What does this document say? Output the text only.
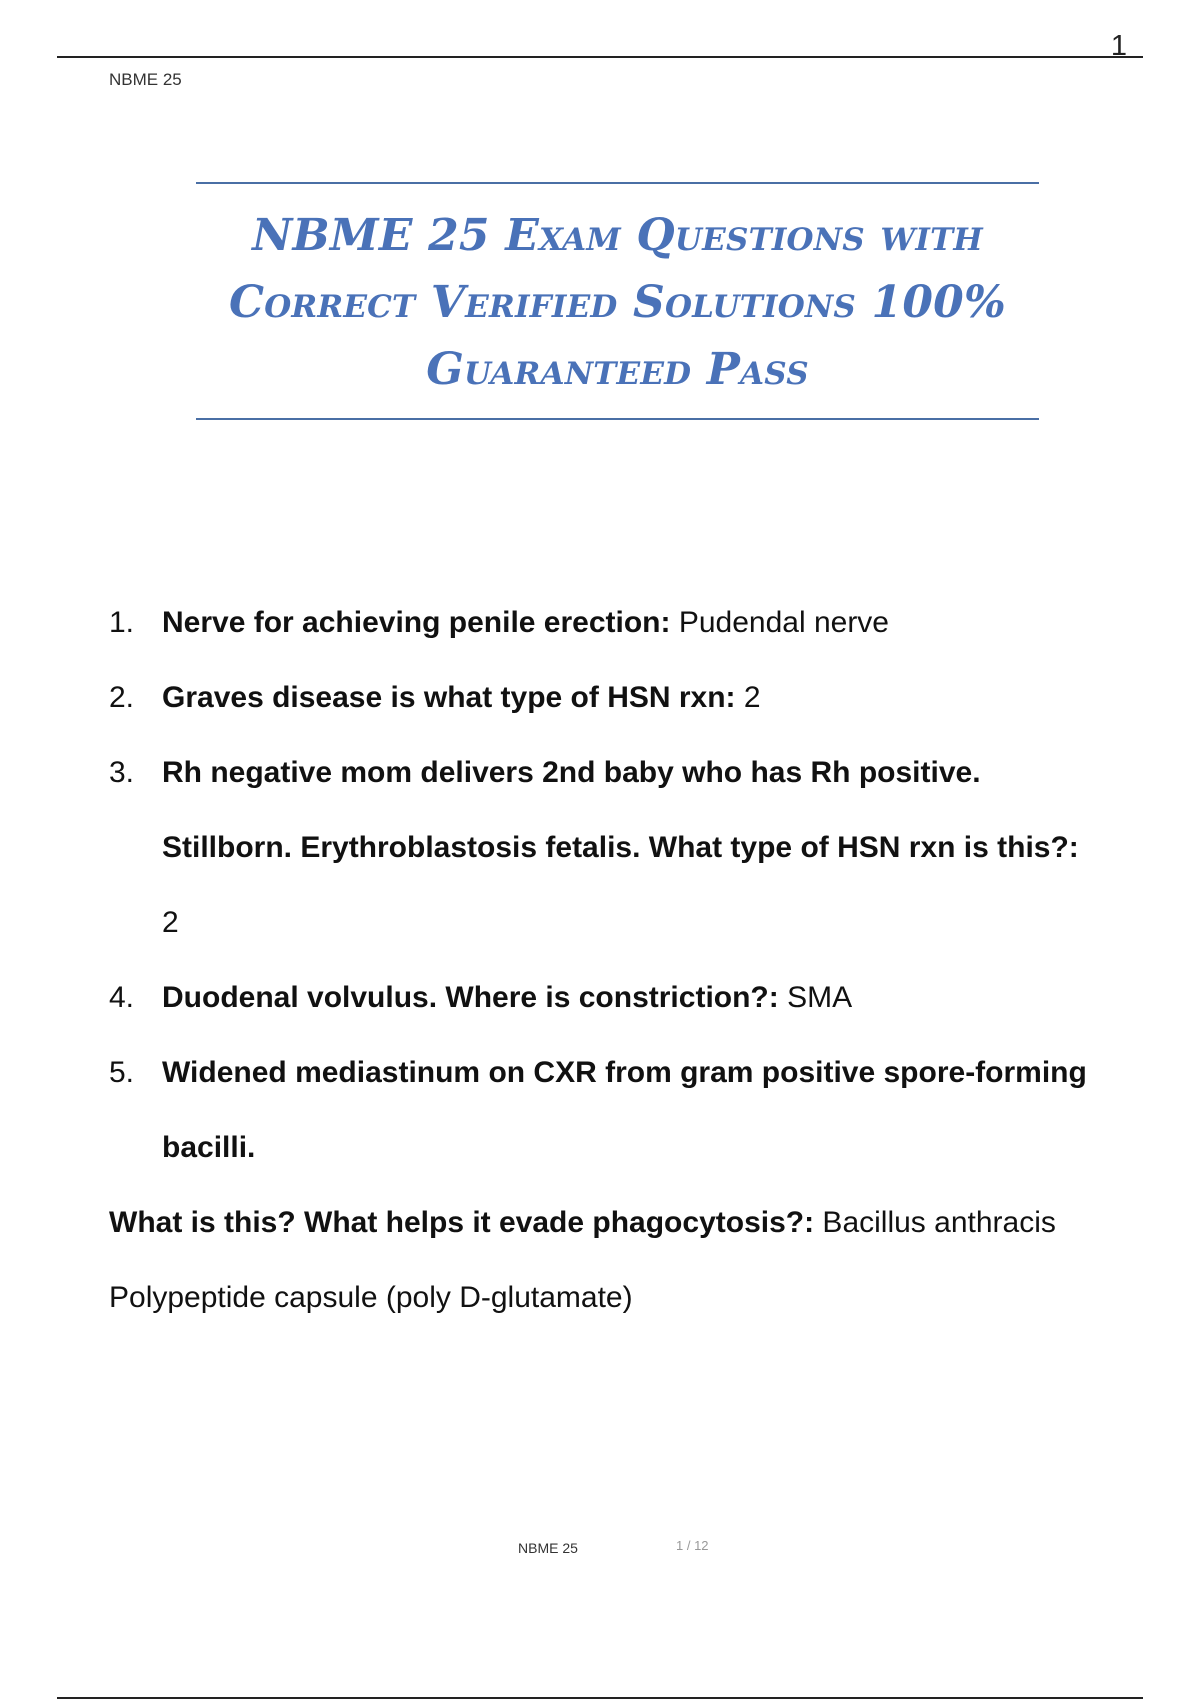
1
NBME 25
NBME 25 Exam Questions with
Correct Verified Solutions 100%
Guaranteed Pass
1. Nerve for achieving penile erection: Pudendal nerve
2. Graves disease is what type of HSN rxn: 2
3. Rh negative mom delivers 2nd baby who has Rh positive. Stillborn. Erythroblastosis fetalis. What type of HSN rxn is this?: 2
4. Duodenal volvulus. Where is constriction?: SMA
5. Widened mediastinum on CXR from gram positive spore-forming bacilli.
What is this? What helps it evade phagocytosis?: Bacillus anthracis
Polypeptide capsule (poly D-glutamate)
NBME 25	1 / 12
